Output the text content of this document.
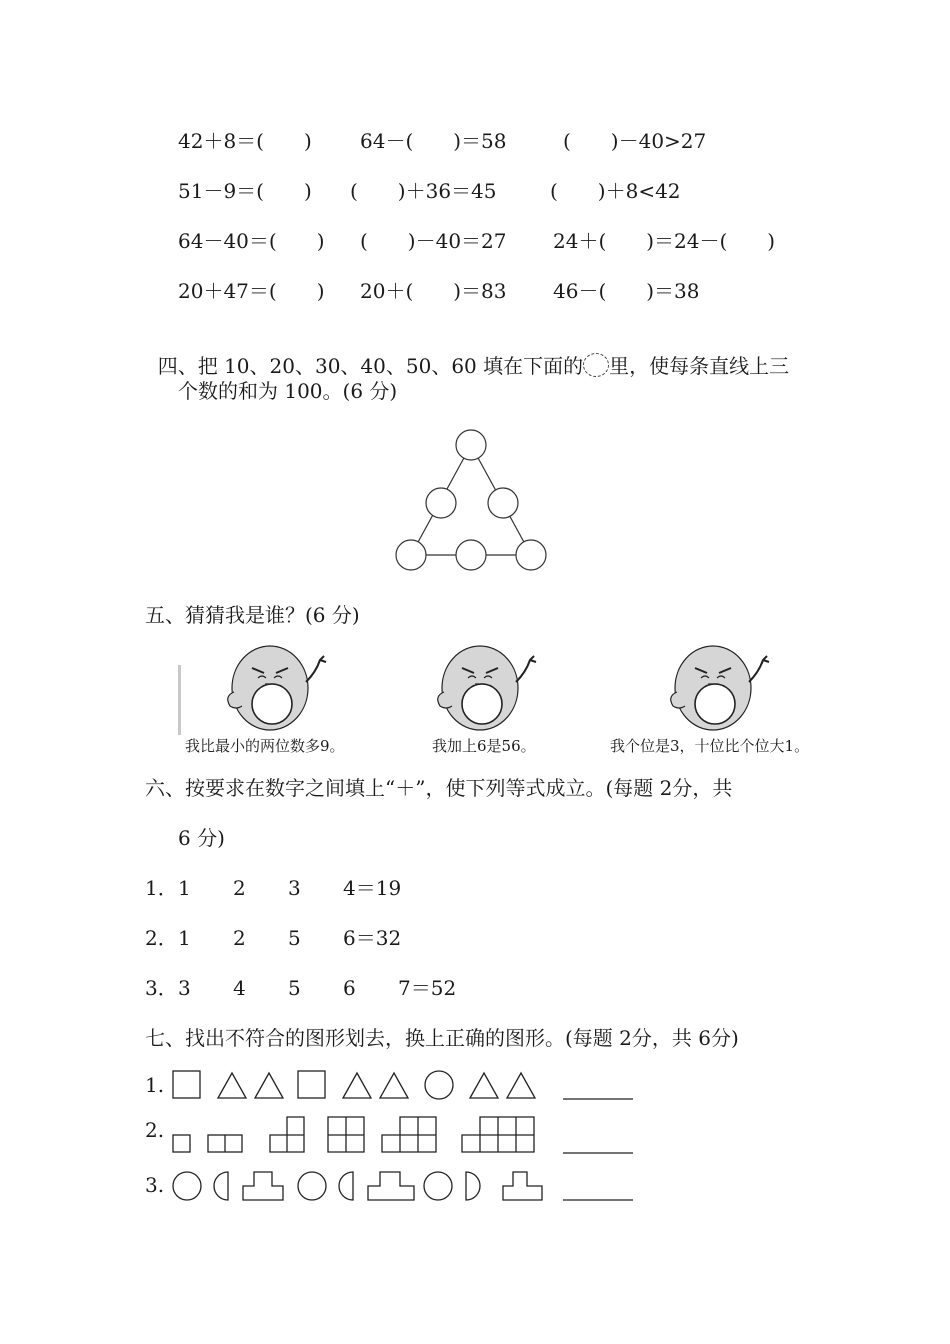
42＋8＝(　　) 64－(　　)＝58	(　　)－40>27
51－9＝(　　) (　　)＋36＝45	(　　)＋8<42
64－40＝(　　) (　　)－40＝27 24＋(　　)＝24－(　　)
20＋47＝(　　) 20＋(　　)＝83 46－(　　)＝38

四、把 10、20、30、40、50、60 填在下面的 里，使每条直线上三

个数的和为 100。(6 分)
五、猜猜我是谁？(6 分)
我比最小的两位数多9。	我加上6是56。	我个位是3，十位比个位大1。
六、按要求在数字之间填上“＋”，使下列等式成立。(每题 2分，共
6 分)
1． 1 2 3 4＝19
2． 1 2 5 6＝32
3． 3 4 5 6 7＝52
七、找出不符合的图形划去，换上正确的图形。(每题 2分，共 6分)
1.
2.
3.
